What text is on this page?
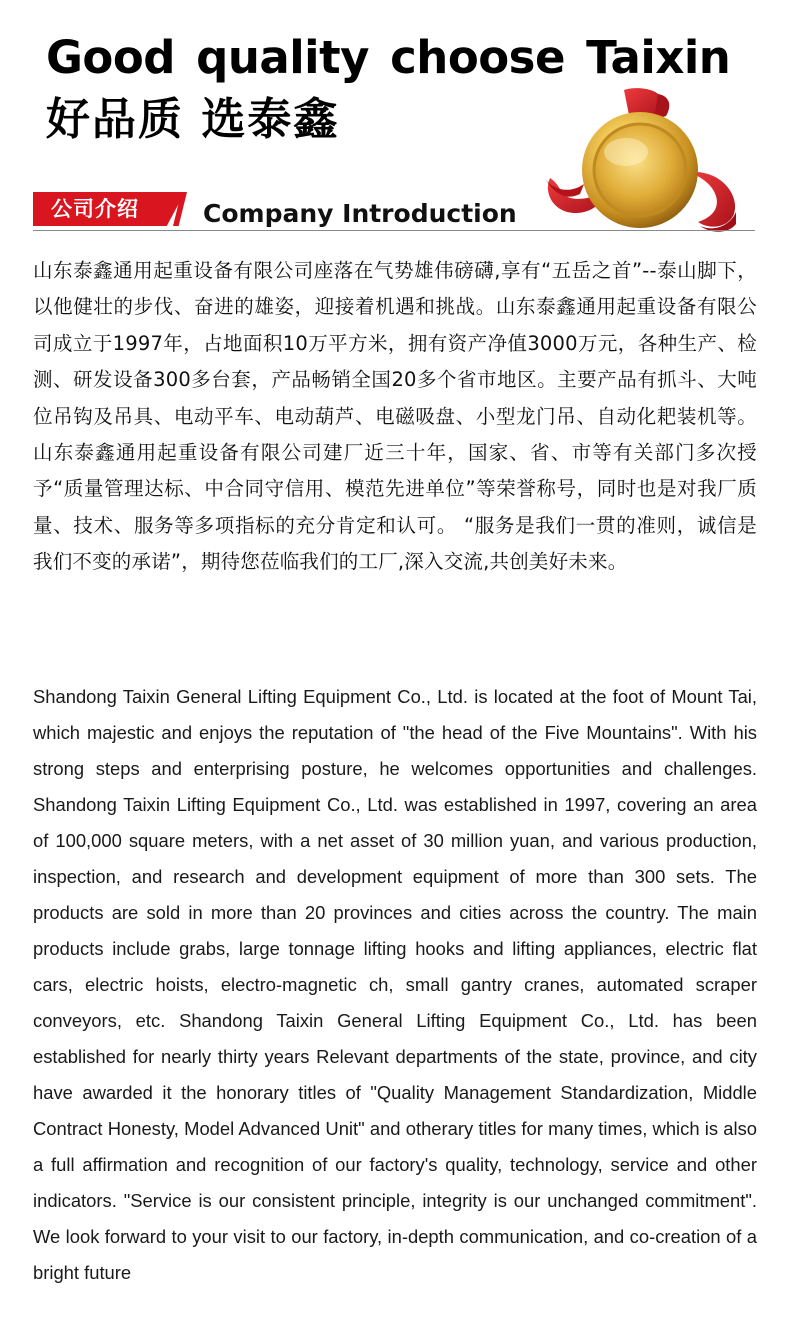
Good quality choose Taixin
好品质 选泰鑫
公司介绍	Company Introduction

山东泰鑫通用起重设备有限公司座落在气势雄伟磅礴,享有“五岳之首”--泰山脚下，以他健壮的步伐、奋进的雄姿，迎接着机遇和挑战。山东泰鑫通用起重设备有限公司成立于1997年，占地面积10万平方米，拥有资产净值3000万元，各种生产、检测、研发设备300多台套，产品畅销全国20多个省市地区。主要产品有抓斗、大吨位吊钩及吊具、电动平车、电动葫芦、电磁吸盘、小型龙门吊、自动化耙装机等。山东泰鑫通用起重设备有限公司建厂近三十年，国家、省、市等有关部门多次授予“质量管理达标、中合同守信用、模范先进单位”等荣誉称号，同时也是对我厂质量、技术、服务等多项指标的充分肯定和认可。 “服务是我们一贯的准则，诚信是我们不变的承诺”，期待您莅临我们的工厂,深入交流,共创美好未来。

Shandong Taixin General Lifting Equipment Co., Ltd. is located at the foot of Mount Tai, which majestic and enjoys the reputation of "the head of the Five Mountains". With his strong steps and enterprising posture, he welcomes opportunities and challenges. Shandong Taixin Lifting Equipment Co., Ltd. was established in 1997, covering an area of 100,000 square meters, with a net asset of 30 million yuan, and various production, inspection, and research and development equipment of more than 300 sets. The products are sold in more than 20 provinces and cities across the country. The main products include grabs, large tonnage lifting hooks and lifting appliances, electric flat cars, electric hoists, electro-magnetic ch, small gantry cranes, automated scraper conveyors, etc. Shandong Taixin General Lifting Equipment Co., Ltd. has been established for nearly thirty years Relevant departments of the state, province, and city have awarded it the honorary titles of "Quality Management Standardization, Middle Contract Honesty, Model Advanced Unit" and otherary titles for many times, which is also a full affirmation and recognition of our factory's quality, technology, service and other indicators. "Service is our consistent principle, integrity is our unchanged commitment". We look forward to your visit to our factory, in-depth communication, and co-creation of a bright future
